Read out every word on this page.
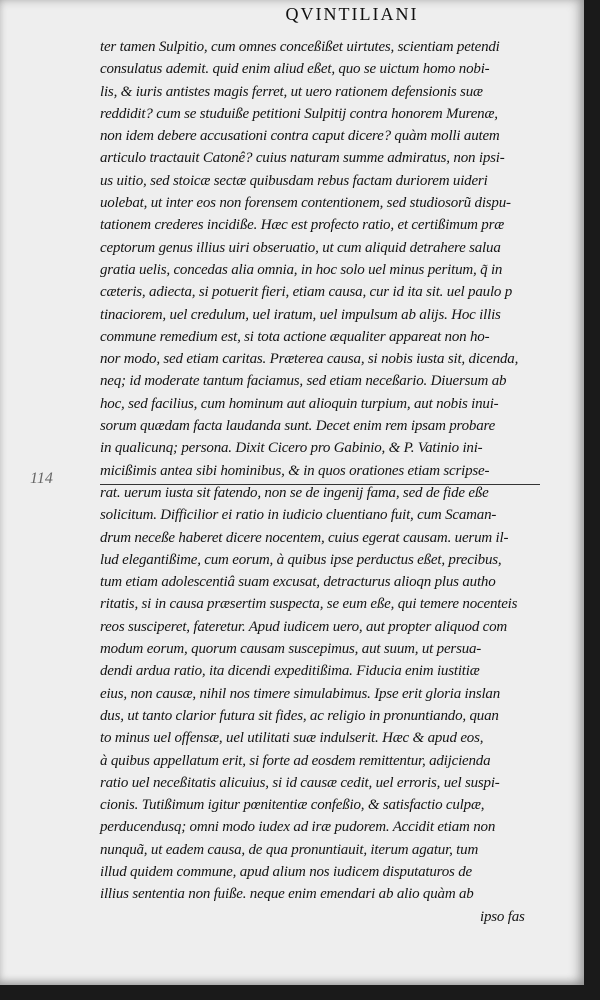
QVINTILIANI
114
ter tamen Sulpitio, cum omnes conceßißet uirtutes, scientiam petendi
consulatus ademit. quid enim aliud eßet, quo se uictum homo nobi-
lis, & iuris antistes magis ferret, ut uero rationem defensionis suæ
reddidit? cum se studuiße petitioni Sulpitij contra honorem Murenæ,
non idem debere accusationi contra caput dicere? quàm molli autem
articulo tractauit Catonê? cuius naturam summe admiratus, non ipsi-
us uitio, sed stoicæ sectæ quibusdam rebus factam duriorem uideri
uolebat, ut inter eos non forensem contentionem, sed studiosorũ dispu-
tationem crederes incidiße. Hæc est profecto ratio, et certißimum præ
ceptorum genus illius uiri obseruatio, ut cum aliquid detrahere salua
gratia uelis, concedas alia omnia, in hoc solo uel minus peritum, q̃ in
cæteris, adiecta, si potuerit fieri, etiam causa, cur id ita sit. uel paulo p
tinaciorem, uel credulum, uel iratum, uel impulsum ab alijs. Hoc illis
commune remedium est, si tota actione æqualiter appareat non ho-
nor modo, sed etiam caritas. Præterea causa, si nobis iusta sit, dicenda,
neq; id moderate tantum faciamus, sed etiam neceßario. Diuersum ab
hoc, sed facilius, cum hominum aut alioquin turpium, aut nobis inui-
sorum quædam facta laudanda sunt. Decet enim rem ipsam probare
in qualicunq; persona. Dixit Cicero pro Gabinio, & P. Vatinio ini-
micißimis antea sibi hominibus, & in quos orationes etiam scripse-
rat. uerum iusta sit fatendo, non se de ingenij fama, sed de fide eße
solicitum. Difficilior ei ratio in iudicio cluentiano fuit, cum Scaman-
drum neceße haberet dicere nocentem, cuius egerat causam. uerum il-
lud elegantißime, cum eorum, à quibus ipse perductus eßet, precibus,
tum etiam adolescentiâ suam excusat, detracturus alioqn plus autho
ritatis, si in causa præsertim suspecta, se eum eße, qui temere nocenteis
reos susciperet, fateretur. Apud iudicem uero, aut propter aliquod com
modum eorum, quorum causam suscepimus, aut suum, ut persua-
dendi ardua ratio, ita dicendi expeditißima. Fiducia enim iustitiæ
eius, non causæ, nihil nos timere simulabimus. Ipse erit gloria inslan
dus, ut tanto clarior futura sit fides, ac religio in pronuntiando, quan
to minus uel offensæ, uel utilitati suæ indulserit. Hæc & apud eos,
à quibus appellatum erit, si forte ad eosdem remittentur, adijcienda
ratio uel neceßitatis alicuius, si id causæ cedit, uel erroris, uel suspi-
cionis. Tutißimum igitur pœnitentiæ confeßio, & satisfactio culpæ,
perducendusq; omni modo iudex ad iræ pudorem. Accidit etiam non
nunquã, ut eadem causa, de qua pronuntiauit, iterum agatur, tum
illud quidem commune, apud alium nos iudicem disputaturos de
illius sententia non fuiße. neque enim emendari ab alio quàm ab
ipso fas
